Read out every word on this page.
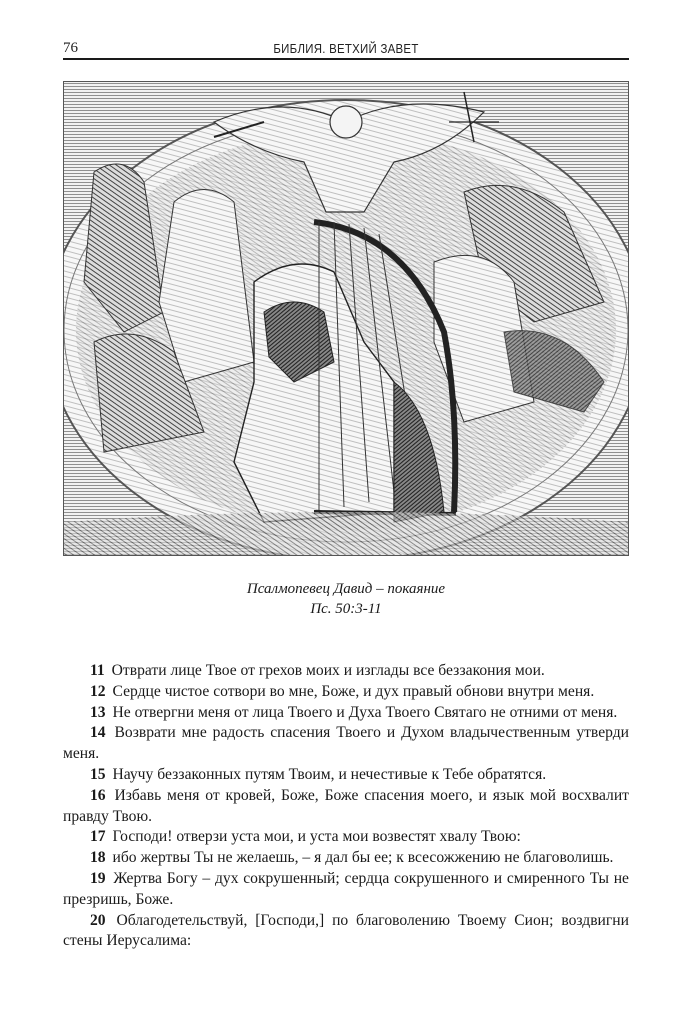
76	БИБЛИЯ. ВЕТХИЙ ЗАВЕТ
Псалмопевец Давид – покаяние
Пс. 50:3-11

11 Отврати лице Твое от грехов моих и изглады все беззакония мои.

12 Сердце чистое сотвори во мне, Боже, и дух правый обнови внутри меня.

13 Не отвергни меня от лица Твоего и Духа Твоего Святаго не отними от меня.

14 Возврати мне радость спасения Твоего и Духом владычественным утверди меня.

15 Научу беззаконных путям Твоим, и нечестивые к Тебе обратятся.

16 Избавь меня от кровей, Боже, Боже спасения моего, и язык мой восхвалит правду Твою.

17 Господи! отверзи уста мои, и уста мои возвестят хвалу Твою:

18 ибо жертвы Ты не желаешь, – я дал бы ее; к всесожжению не благоволишь.

19 Жертва Богу – дух сокрушенный; сердца сокрушенного и смиренного Ты не презришь, Боже.

20 Облагодетельствуй, [Господи,] по благоволению Твоему Сион; воздвигни стены Иерусалима:
